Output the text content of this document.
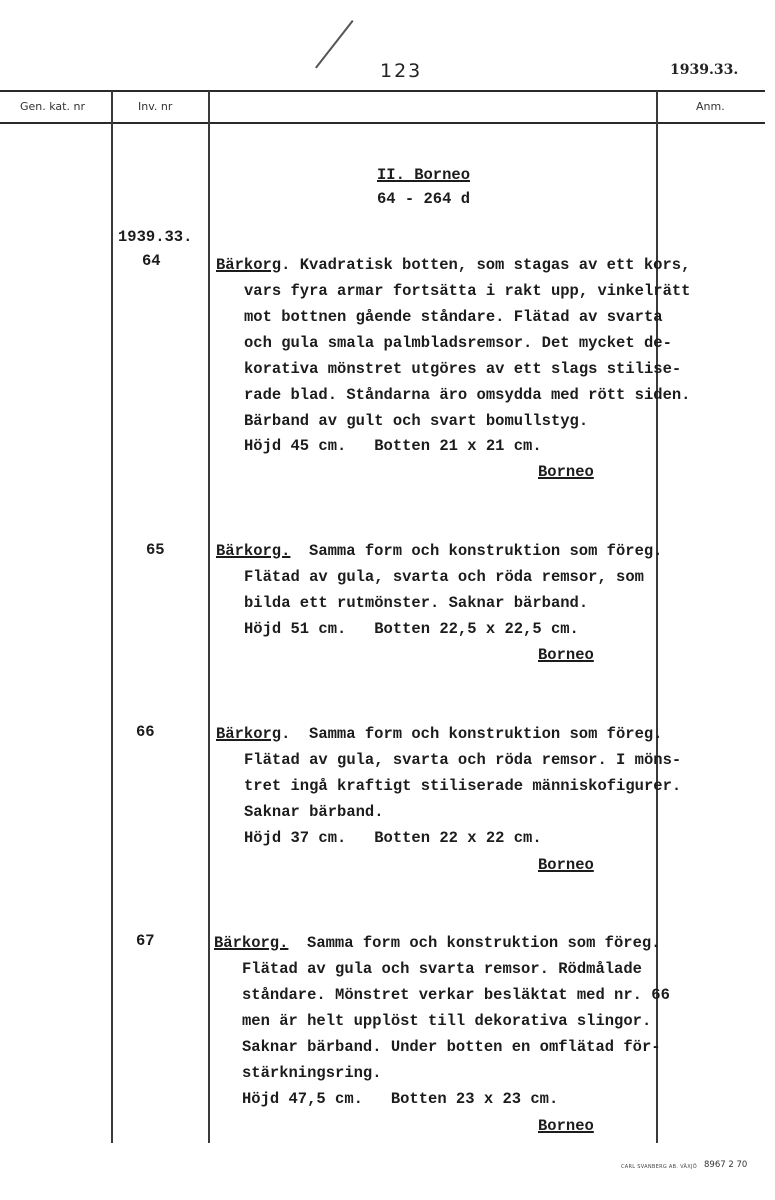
123	1939.33.
Gen. kat. nr	Inv. nr	Anm.
II. Borneo
64 - 264 d
1939.33.
64	Bärkorg. Kvadratisk botten, som stagas av ett kors,
vars fyra armar fortsätta i rakt upp, vinkelrätt
mot bottnen gående ståndare. Flätad av svarta
och gula smala palmbladsremsor. Det mycket de-
korativa mönstret utgöres av ett slags stilise-
rade blad. Ståndarna äro omsydda med rött siden.
Bärband av gult och svart bomullstyg.
Höjd 45 cm.   Botten 21 x 21 cm.
Borneo
65	Bärkorg.  Samma form och konstruktion som föreg.
Flätad av gula, svarta och röda remsor, som
bilda ett rutmönster. Saknar bärband.
Höjd 51 cm.   Botten 22,5 x 22,5 cm.
Borneo
66	Bärkorg.  Samma form och konstruktion som föreg.
Flätad av gula, svarta och röda remsor. I möns-
tret ingå kraftigt stiliserade människofigurer.
Saknar bärband.
Höjd 37 cm.   Botten 22 x 22 cm.
Borneo
67	Bärkorg.  Samma form och konstruktion som föreg.
Flätad av gula och svarta remsor. Rödmålade
ståndare. Mönstret verkar besläktat med nr. 66
men är helt upplöst till dekorativa slingor.
Saknar bärband. Under botten en omflätad för-
stärkningsring.
Höjd 47,5 cm.   Botten 23 x 23 cm.
Borneo
CARL SVANBERG AB. VÄXJÖ 8967 2 70
